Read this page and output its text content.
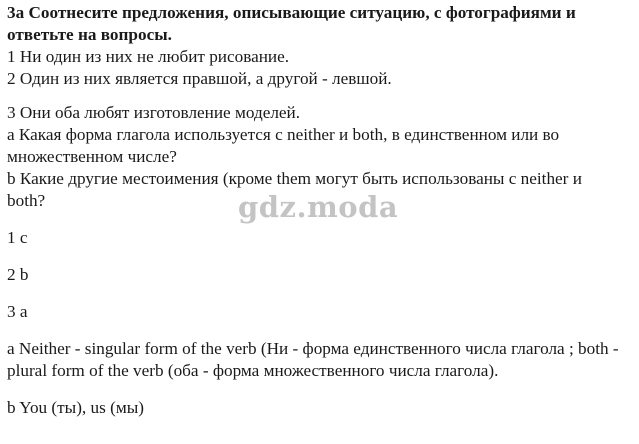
3a Соотнесите предложения, описывающие ситуацию, с фотографиями и ответьте на вопросы.

1 Ни один из них не любит рисование.

2 Один из них является правшой, а другой - левшой.

3 Они оба любят изготовление моделей.

a Какая форма глагола используется с neither и both, в единственном или во множественном числе?

b Какие другие местоимения (кроме them могут быть использованы с neither и both?

1 c

2 b

3 a

a Neither - singular form of the verb (Ни - форма единственного числа глагола ; both - plural form of the verb (оба - форма множественного числа глагола).

b You (ты), us (мы)

gdz.moda
